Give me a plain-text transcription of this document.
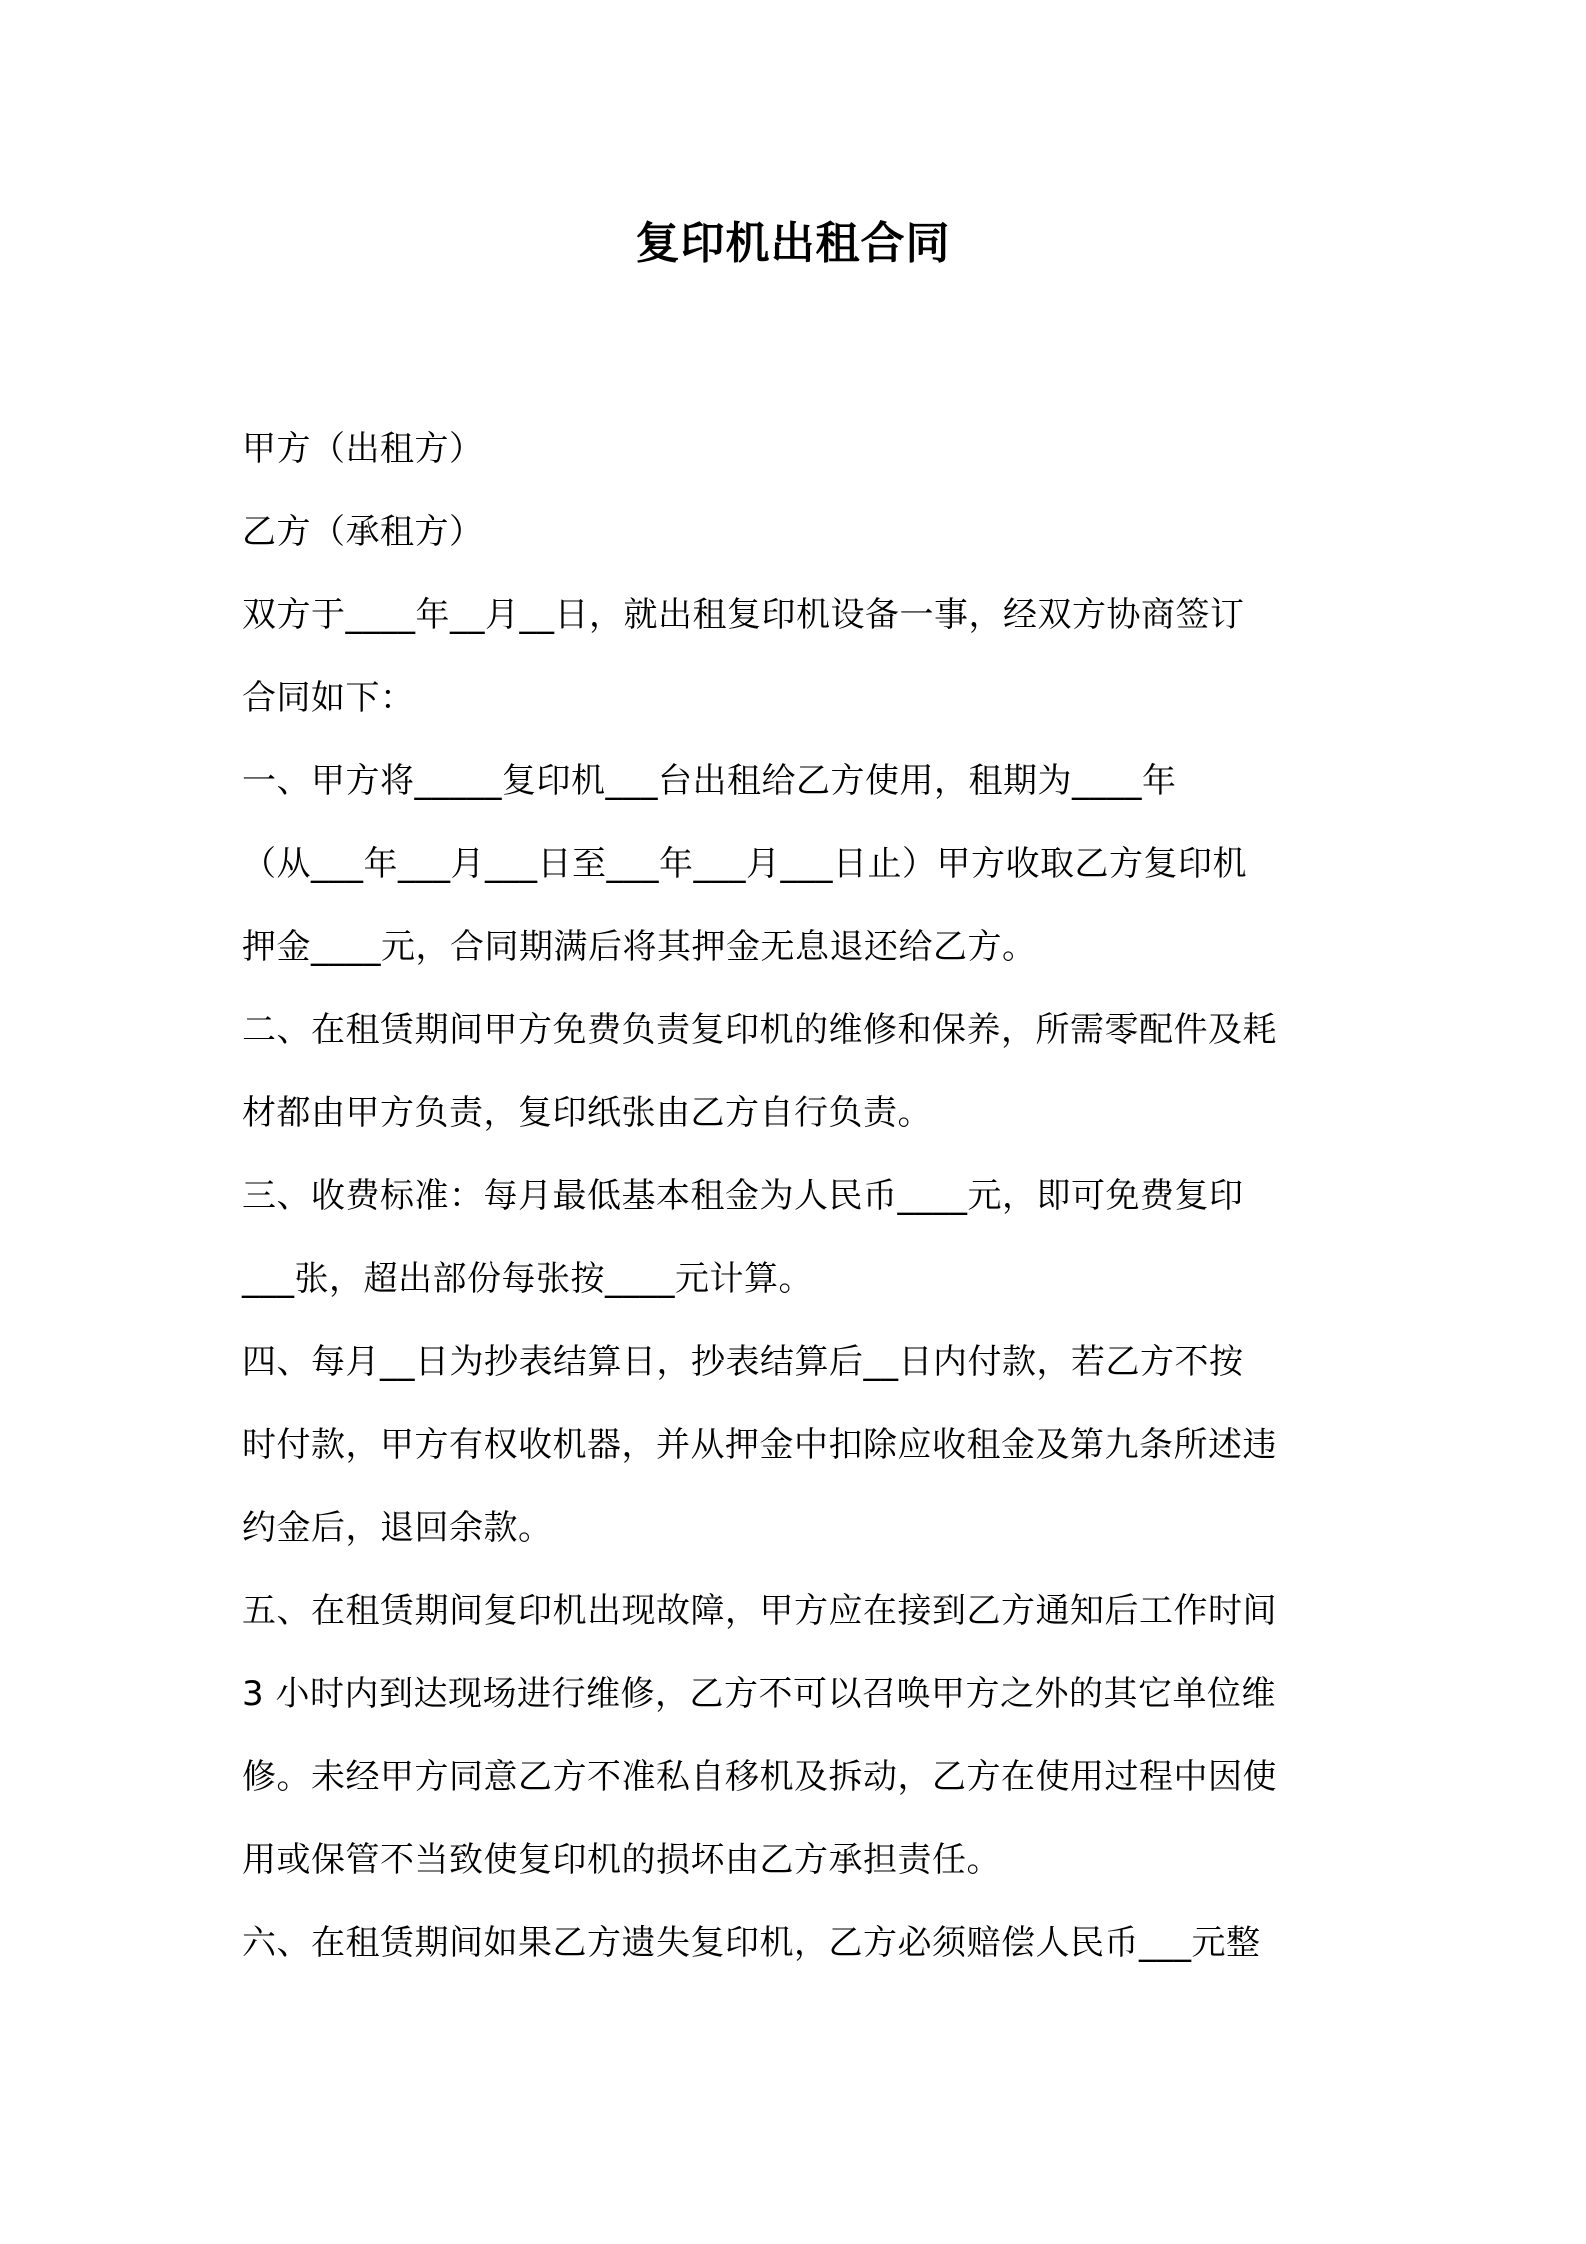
复印机出租合同
甲方（出租方）
乙方（承租方）
双方于____年__月__日，就出租复印机设备一事，经双方协商签订
合同如下：
一、甲方将_____复印机___台出租给乙方使用，租期为____年
（从___年___月___日至___年___月___日止）甲方收取乙方复印机
押金____元，合同期满后将其押金无息退还给乙方。
二、在租赁期间甲方免费负责复印机的维修和保养，所需零配件及耗
材都由甲方负责，复印纸张由乙方自行负责。
三、收费标准：每月最低基本租金为人民币____元，即可免费复印
___张，超出部份每张按____元计算。
四、每月__日为抄表结算日，抄表结算后__日内付款，若乙方不按
时付款，甲方有权收机器，并从押金中扣除应收租金及第九条所述违
约金后，退回余款。
五、在租赁期间复印机出现故障，甲方应在接到乙方通知后工作时间
3 小时内到达现场进行维修，乙方不可以召唤甲方之外的其它单位维
修。未经甲方同意乙方不准私自移机及拆动，乙方在使用过程中因使
用或保管不当致使复印机的损坏由乙方承担责任。
六、在租赁期间如果乙方遗失复印机，乙方必须赔偿人民币___元整
